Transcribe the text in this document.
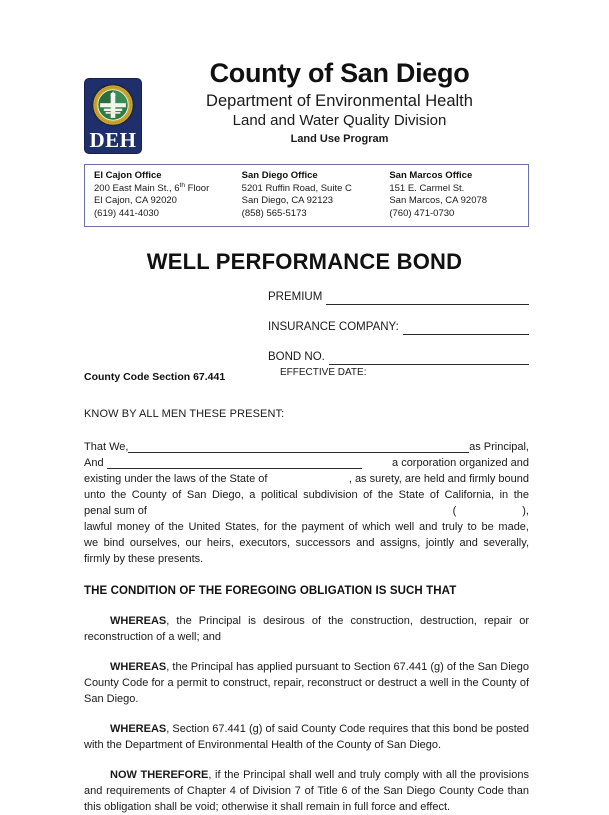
DEH
County of San Diego
Department of Environmental Health
Land and Water Quality Division
Land Use Program
El Cajon Office
200 East Main St., 6th Floor
El Cajon, CA 92020
(619) 441-4030
San Diego Office
5201 Ruffin Road, Suite C
San Diego, CA 92123
(858) 565-5173
San Marcos Office
151 E. Carmel St.
San Marcos, CA 92078
(760) 471-0730
WELL PERFORMANCE BOND
PREMIUM
INSURANCE COMPANY:
BOND NO.
County Code Section 67.441	EFFECTIVE DATE:
KNOW BY ALL MEN THESE PRESENT:
That We,	as Principal,
And	a corporation organized and
existing under the laws of the State of	, as surety, are held and firmly bound
unto the County of San Diego, a political subdivision of the State of California, in the
penal sum of	(	),
lawful money of the United States, for the payment of which well and truly to be made,
we bind ourselves, our heirs, executors, successors and assigns, jointly and severally,
firmly by these presents.
THE CONDITION OF THE FOREGOING OBLIGATION IS SUCH THAT
WHEREAS, the Principal is desirous of the construction, destruction, repair or reconstruction of a well; and
WHEREAS, the Principal has applied pursuant to Section 67.441 (g) of the San Diego County Code for a permit to construct, repair, reconstruct or destruct a well in the County of San Diego.
WHEREAS, Section 67.441 (g) of said County Code requires that this bond be posted with the Department of Environmental Health of the County of San Diego.
NOW THEREFORE, if the Principal shall well and truly comply with all the provisions and requirements of Chapter 4 of Division 7 of Title 6 of the San Diego County Code than this obligation shall be void; otherwise it shall remain in full force and effect.
